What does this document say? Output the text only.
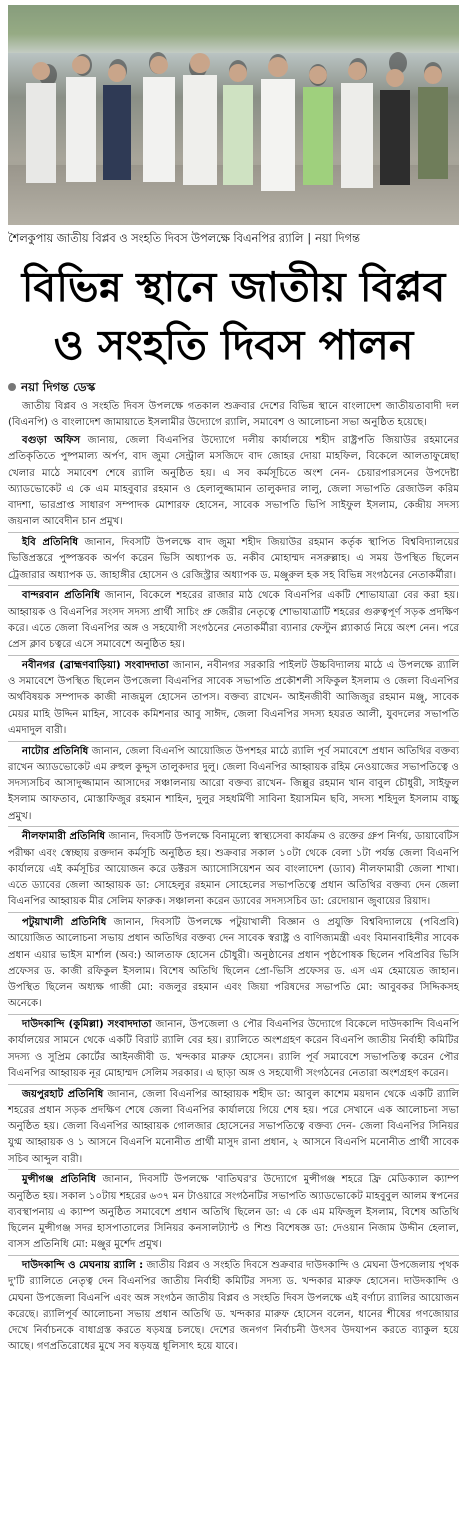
শৈলকুপায় জাতীয় বিপ্লব ও সংহতি দিবস উপলক্ষে বিএনপির র‌্যালি | নয়া দিগন্ত
বিভিন্ন স্থানে জাতীয় বিপ্লব
ও সংহতি দিবস পালন
নয়া দিগন্ত ডেস্ক

জাতীয় বিপ্লব ও সংহতি দিবস উপলক্ষে গতকাল শুক্রবার দেশের বিভিন্ন স্থানে বাংলাদেশ জাতীয়তাবাদী দল (বিএনপি) ও বাংলাদেশ জামায়াতে ইসলামীর উদ্যোগে র‌্যালি, সমাবেশ ও আলোচনা সভা অনুষ্ঠিত হয়েছে।

বগুড়া অফিস জানায়, জেলা বিএনপির উদ্যোগে দলীয় কার্যালয়ে শহীদ রাষ্ট্রপতি জিয়াউর রহমানের প্রতিকৃতিতে পুষ্পমাল্য অর্পণ, বাদ জুমা সেন্ট্রাল মসজিদে বাদ জোহর দোয়া মাহফিল, বিকেলে আলতাফুন্নেছা খেলার মাঠে সমাবেশ শেষে র‌্যালি অনুষ্ঠিত হয়। এ সব কর্মসূচিতে অংশ নেন- চেয়ারপারসনের উপদেষ্টা অ্যাডভোকেট এ কে এম মাহবুবার রহমান ও হেলালুজ্জামান তালুকদার লালু, জেলা সভাপতি রেজাউল করিম বাদশা, ভারপ্রাপ্ত সাধারণ সম্পাদক মোশারফ হোসেন, সাবেক সভাপতি ভিপি সাইফুল ইসলাম, কেন্দ্রীয় সদস্য জয়নাল আবেদীন চান প্রমুখ।

ইবি প্রতিনিধি জানান, দিবসটি উপলক্ষে বাদ জুমা শহীদ জিয়াউর রহমান কর্তৃক স্থাপিত বিশ্ববিদ্যালয়ের ভিত্তিপ্রস্তরে পুষ্পস্তবক অর্পণ করেন ভিসি অধ্যাপক ড. নকীব মোহাম্মদ নসরুল্লাহ। এ সময় উপস্থিত ছিলেন ট্রেজারার অধ্যাপক ড. জাহাঙ্গীর হোসেন ও রেজিস্ট্রার অধ্যাপক ড. মঞ্জুরুল হক সহ বিভিন্ন সংগঠনের নেতাকর্মীরা।

বান্দরবান প্রতিনিধি জানান, বিকেলে শহরের রাজার মাঠ থেকে বিএনপির একটি শোভাযাত্রা বের করা হয়। আহ্বায়ক ও বিএনপির সংসদ সদস্য প্রার্থী সাচিং প্রু জেরীর নেতৃত্বে শোভাযাত্রাটি শহরের গুরুত্বপূর্ণ সড়ক প্রদক্ষিণ করে। এতে জেলা বিএনপির অঙ্গ ও সহযোগী সংগঠনের নেতাকর্মীরা ব্যানার ফেস্টুন প্ল্যাকার্ড নিয়ে অংশ নেন। পরে প্রেস ক্লাব চত্বরে এসে সমাবেশে অনুষ্ঠিত হয়।

নবীনগর (ব্রাহ্মণবাড়িয়া) সংবাদদাতা জানান, নবীনগর সরকারি পাইলট উচ্চবিদ্যালয় মাঠে এ উপলক্ষে র‌্যালি ও সমাবেশে উপস্থিত ছিলেন উপজেলা বিএনপির সাবেক সভাপতি প্রকৌশলী সফিকুল ইসলাম ও জেলা বিএনপির অর্থবিষয়ক সম্পাদক কাজী নাজমুল হোসেন তাপস। বক্তব্য রাখেন- আইনজীবী আজিজুর রহমান মঞ্জু, সাবেক মেয়র মাহি উদ্দিন মাহিন, সাবেক কমিশনার আবু সাঈদ, জেলা বিএনপির সদস্য হযরত আলী, যুবদলের সভাপতি এমদাদুল বারী।

নাটোর প্রতিনিধি জানান, জেলা বিএনপি আয়োজিত উপশহর মাঠে র‌্যালি পূর্ব সমাবেশে প্রধান অতিথির বক্তব্য রাখেন অ্যাডভোকেট এম রুহুল কুদ্দুস তালুকদার দুলু। জেলা বিএনপির আহ্বায়ক রহিম নেওয়াজের সভাপতিত্বে ও সদস্যসচিব আসাদুজ্জামান আসাদের সঞ্চালনায় আরো বক্তব্য রাখেন- জিল্লুর রহমান খান বাবুল চৌধুরী, সাইফুল ইসলাম আফতাব, মোস্তাফিজুর রহমান শাহিন, দুলুর সহধর্মিণী সাবিনা ইয়াসমিন ছবি, সদস্য শহিদুল ইসলাম বাচ্চু প্রমুখ।

নীলফামারী প্রতিনিধি জানান, দিবসটি উপলক্ষে বিনামূল্যে স্বাস্থ্যসেবা কার্যক্রম ও রক্তের গ্রুপ নির্ণয়, ডায়াবেটিস পরীক্ষা এবং স্বেচ্ছায় রক্তদান কর্মসূচি অনুষ্ঠিত হয়। শুক্রবার সকাল ১০টা থেকে বেলা ১টা পর্যন্ত জেলা বিএনপি কার্যালয়ে এই কর্মসূচির আয়োজন করে ডক্টরস অ্যাসোসিয়েশন অব বাংলাদেশ (ড্যাব) নীলফামারী জেলা শাখা। এতে ড্যাবের জেলা আহ্বায়ক ডা: সোহেলুর রহমান সোহেলের সভাপতিত্বে প্রধান অতিথির বক্তব্য দেন জেলা বিএনপির আহ্বায়ক মীর সেলিম ফারুক। সঞ্চালনা করেন ড্যাবের সদস্যসচিব ডা: রেদোয়ান জুবায়ের রিয়াদ।

পটুয়াখালী প্রতিনিধি জানান, দিবসটি উপলক্ষে পটুয়াখালী বিজ্ঞান ও প্রযুক্তি বিশ্ববিদ্যালয়ে (পবিপ্রবি) আয়োজিত আলোচনা সভায় প্রধান অতিথির বক্তব্য দেন সাবেক স্বরাষ্ট্র ও বাণিজ্যমন্ত্রী এবং বিমানবাহিনীর সাবেক প্রধান এয়ার ভাইস মার্শাল (অব:) আলতাফ হোসেন চৌধুরী। অনুষ্ঠানের প্রধান পৃষ্ঠপোষক ছিলেন পবিপ্রবির ভিসি প্রফেসর ড. কাজী রফিকুল ইসলাম। বিশেষ অতিথি ছিলেন প্রো-ভিসি প্রফেসর ড. এস এম হেমায়েত জাহান। উপস্থিত ছিলেন অধ্যক্ষ গাজী মো: বজলুর রহমান এবং জিয়া পরিষদের সভাপতি মো: আবুবকর সিদ্দিকসহ অনেকে।

দাউদকান্দি (কুমিল্লা) সংবাদদাতা জানান, উপজেলা ও পৌর বিএনপির উদ্যোগে বিকেলে দাউদকান্দি বিএনপি কার্যালয়ের সামনে থেকে একটি বিরাট র‌্যালি বের হয়। র‌্যালিতে অংশগ্রহণ করেন বিএনপি জাতীয় নির্বাহী কমিটির সদস্য ও সুপ্রিম কোর্টের আইনজীবী ড. খন্দকার মারুফ হোসেন। র‌্যালি পূর্ব সমাবেশে সভাপতিত্ব করেন পৌর বিএনপির আহ্বায়ক নূর মোহাম্মদ সেলিম সরকার। এ ছাড়া অঙ্গ ও সহযোগী সংগঠনের নেতারা অংশগ্রহণ করেন।

জয়পুরহাট প্রতিনিধি জানান, জেলা বিএনপির আহ্বায়ক শহীদ ডা: আবুল কাশেম ময়দান থেকে একটি র‌্যালি শহরের প্রধান সড়ক প্রদক্ষিণ শেষে জেলা বিএনপির কার্যালয়ে গিয়ে শেষ হয়। পরে সেখানে এক আলোচনা সভা অনুষ্ঠিত হয়। জেলা বিএনপির আহ্বায়ক গোলজার হোসেনের সভাপতিত্বে বক্তব্য দেন- জেলা বিএনপির সিনিয়র যুগ্ম আহ্বায়ক ও ১ আসনে বিএনপি মনোনীত প্রার্থী মাসুদ রানা প্রধান, ২ আসনে বিএনপি মনোনীত প্রার্থী সাবেক সচিব আব্দুল বারী।

মুন্সীগঞ্জ প্রতিনিধি জানান, দিবসটি উপলক্ষে 'বাতিঘর'র উদ্যোগে মুন্সীগঞ্জ শহরে ফ্রি মেডিক্যাল ক্যাম্প অনুষ্ঠিত হয়। সকাল ১০টায় শহরের ৬৩৭ মন টাওয়ারে সংগঠনটির সভাপতি অ্যাডভোকেট মাহবুবুল আলম স্বপনের ব্যবস্থাপনায় এ ক্যাম্প অনুষ্ঠিত সমাবেশে প্রধান অতিথি ছিলেন ডা: এ কে এম মফিজুল ইসলাম, বিশেষ অতিথি ছিলেন মুন্সীগঞ্জ সদর হাসপাতালের সিনিয়র কনসালট্যান্ট ও শিশু বিশেষজ্ঞ ডা: দেওয়ান নিজাম উদ্দীন হেলাল, বাসস প্রতিনিধি মো: মঞ্জুর মুর্শেদ প্রমুখ।

দাউদকান্দি ও মেঘনায় র‌্যালি : জাতীয় বিপ্লব ও সংহতি দিবসে শুক্রবার দাউদকান্দি ও মেঘনা উপজেলায় পৃথক দু'টি র‌্যালিতে নেতৃত্ব দেন বিএনপির জাতীয় নির্বাহী কমিটির সদস্য ড. খন্দকার মারুফ হোসেন। দাউদকান্দি ও মেঘনা উপজেলা বিএনপি এবং অঙ্গ সংগঠন জাতীয় বিপ্লব ও সংহতি দিবস উপলক্ষে এই বর্ণাঢ্য র‌্যালির আয়োজন করেছে। র‌্যালিপূর্ব আলোচনা সভায় প্রধান অতিথি ড. খন্দকার মারুফ হোসেন বলেন, ধানের শীষের গণজোয়ার দেখে নির্বাচনকে বাধাগ্রস্ত করতে ষড়যন্ত্র চলছে। দেশের জনগণ নির্বাচনী উৎসব উদযাপন করতে ব্যাকুল হয়ে আছে। গণপ্রতিরোধের মুখে সব ষড়যন্ত্র ধূলিসাৎ হয়ে যাবে।
